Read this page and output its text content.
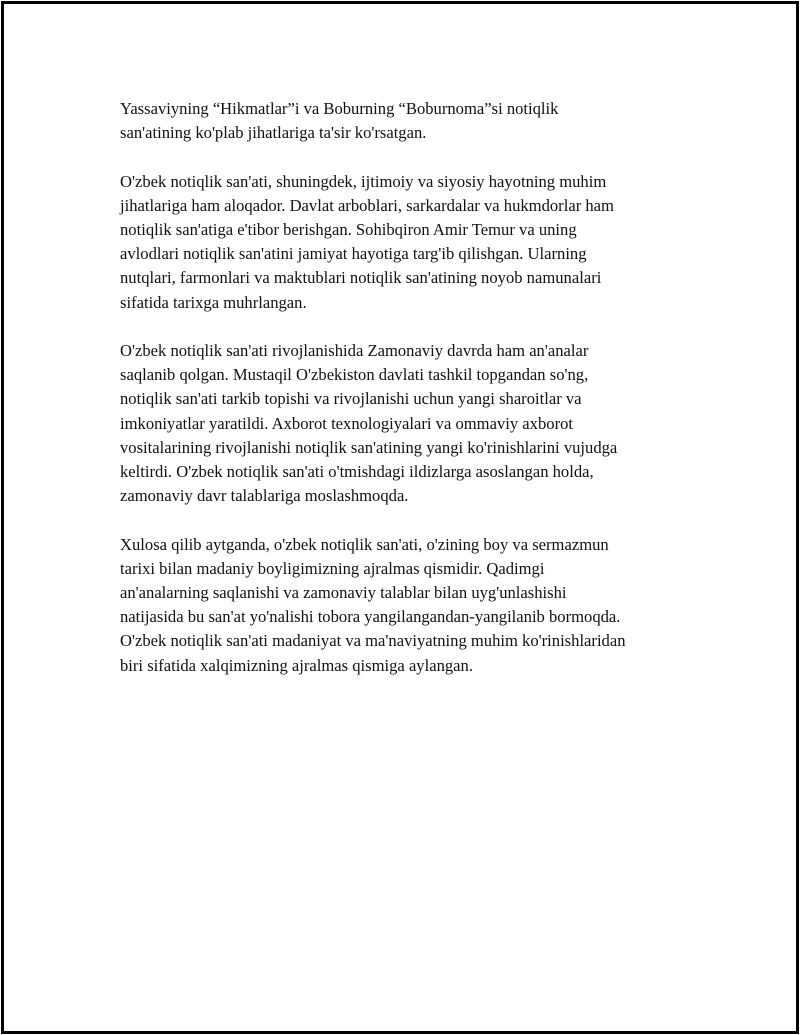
Yassaviyning “Hikmatlar”i va Boburning “Boburnoma”si notiqlik
san'atining ko'plab jihatlariga ta'sir ko'rsatgan.

O'zbek notiqlik san'ati, shuningdek, ijtimoiy va siyosiy hayotning muhim
jihatlariga ham aloqador. Davlat arboblari, sarkardalar va hukmdorlar ham
notiqlik san'atiga e'tibor berishgan. Sohibqiron Amir Temur va uning
avlodlari notiqlik san'atini jamiyat hayotiga targ'ib qilishgan. Ularning
nutqlari, farmonlari va maktublari notiqlik san'atining noyob namunalari
sifatida tarixga muhrlangan.

O'zbek notiqlik san'ati rivojlanishida Zamonaviy davrda ham an'analar
saqlanib qolgan. Mustaqil O'zbekiston davlati tashkil topgandan so'ng,
notiqlik san'ati tarkib topishi va rivojlanishi uchun yangi sharoitlar va
imkoniyatlar yaratildi. Axborot texnologiyalari va ommaviy axborot
vositalarining rivojlanishi notiqlik san'atining yangi ko'rinishlarini vujudga
keltirdi. O'zbek notiqlik san'ati o'tmishdagi ildizlarga asoslangan holda,
zamonaviy davr talablariga moslashmoqda.

Xulosa qilib aytganda, o'zbek notiqlik san'ati, o'zining boy va sermazmun
tarixi bilan madaniy boyligimizning ajralmas qismidir. Qadimgi
an'analarning saqlanishi va zamonaviy talablar bilan uyg'unlashishi
natijasida bu san'at yo'nalishi tobora yangilangandan-yangilanib bormoqda.
O'zbek notiqlik san'ati madaniyat va ma'naviyatning muhim ko'rinishlaridan
biri sifatida xalqimizning ajralmas qismiga aylangan.
